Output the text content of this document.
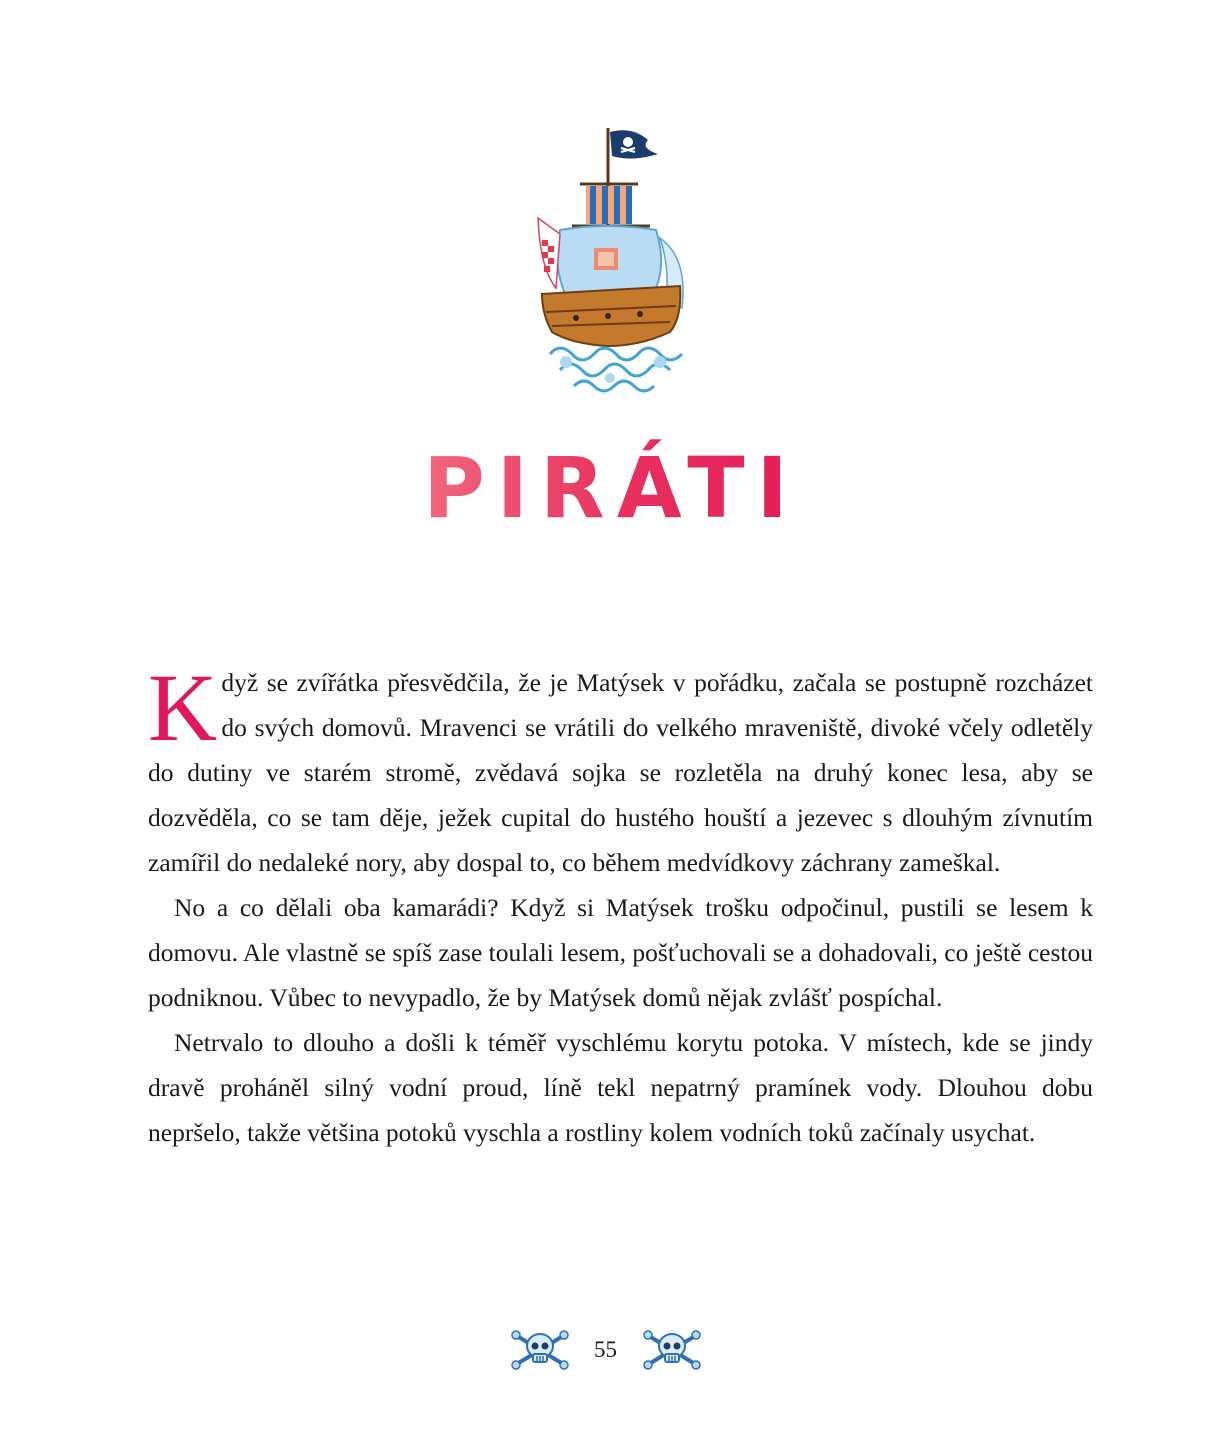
PIRÁTI

Když se zvířátka přesvědčila, že je Matýsek v pořádku, začala se postupně rozcházet do svých domovů. Mravenci se vrátili do velkého mraveniště, divoké včely odletěly do dutiny ve starém stromě, zvědavá sojka se rozletěla na druhý konec lesa, aby se dozvěděla, co se tam děje, ježek cupital do hustého houští a jezevec s dlouhým zívnutím zamířil do nedaleké nory, aby dospal to, co během medvídkovy záchrany zameškal.

No a co dělali oba kamarádi? Když si Matýsek trošku odpočinul, pustili se lesem k domovu. Ale vlastně se spíš zase toulali lesem, pošťuchovali se a dohadovali, co ještě cestou podniknou. Vůbec to nevypadlo, že by Matýsek domů nějak zvlášť pospíchal.

Netrvalo to dlouho a došli k téměř vyschlému korytu potoka. V místech, kde se jindy dravě proháněl silný vodní proud, líně tekl nepatrný pramínek vody. Dlouhou dobu nepršelo, takže většina potoků vyschla a rostliny kolem vodních toků začínaly usychat.

55
